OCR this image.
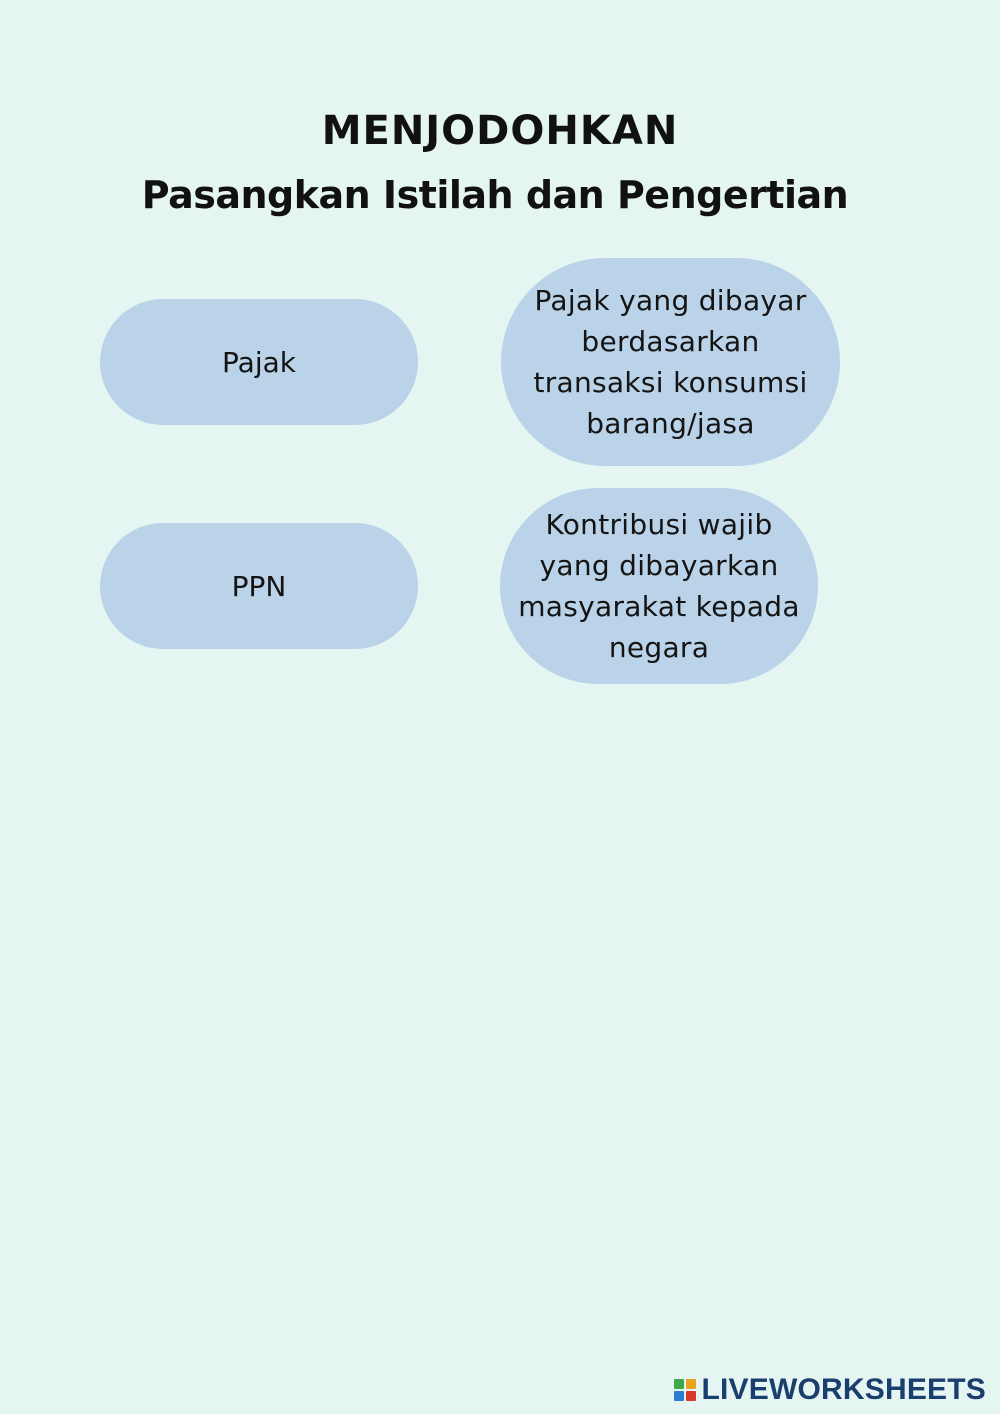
MENJODOHKAN
Pasangkan Istilah dan Pengertian
Pajak
Pajak yang dibayar berdasarkan transaksi konsumsi barang/jasa
PPN
Kontribusi wajib yang dibayarkan masyarakat kepada negara
LIVEWORKSHEETS
